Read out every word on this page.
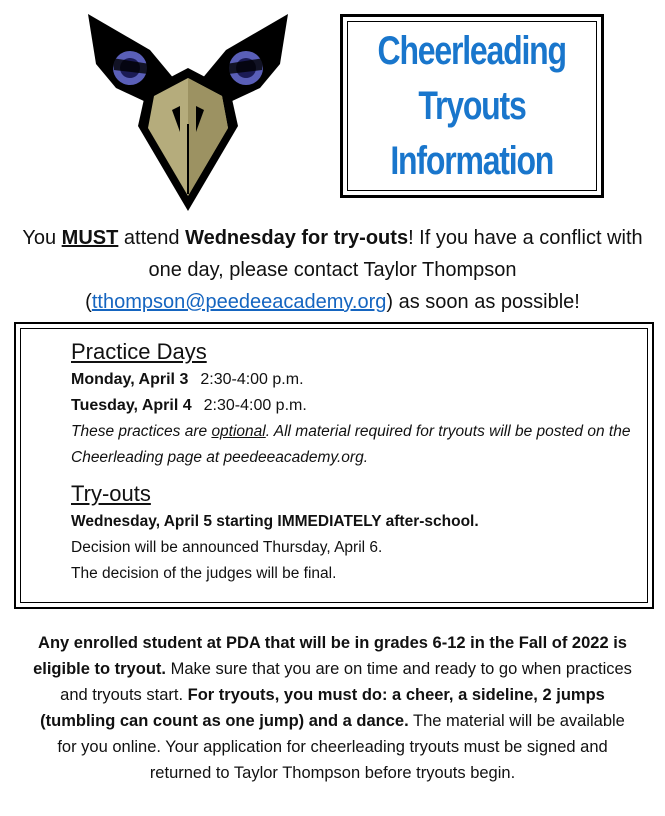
Cheerleading
Tryouts
Information
You MUST attend Wednesday for try-outs! If you have a conflict with one day, please contact Taylor Thompson (tthompson@peedeeacademy.org) as soon as possible!
Practice Days
Monday, April 3 2:30-4:00 p.m.
Tuesday, April 4 2:30-4:00 p.m.
These practices are optional. All material required for tryouts will be posted on the Cheerleading page at peedeeacademy.org.
Try-outs
Wednesday, April 5 starting IMMEDIATELY after-school.
Decision will be announced Thursday, April 6.
The decision of the judges will be final.
Any enrolled student at PDA that will be in grades 6-12 in the Fall of 2022 is eligible to tryout. Make sure that you are on time and ready to go when practices and tryouts start. For tryouts, you must do: a cheer, a sideline, 2 jumps (tumbling can count as one jump) and a dance. The material will be available for you online. Your application for cheerleading tryouts must be signed and returned to Taylor Thompson before tryouts begin.
